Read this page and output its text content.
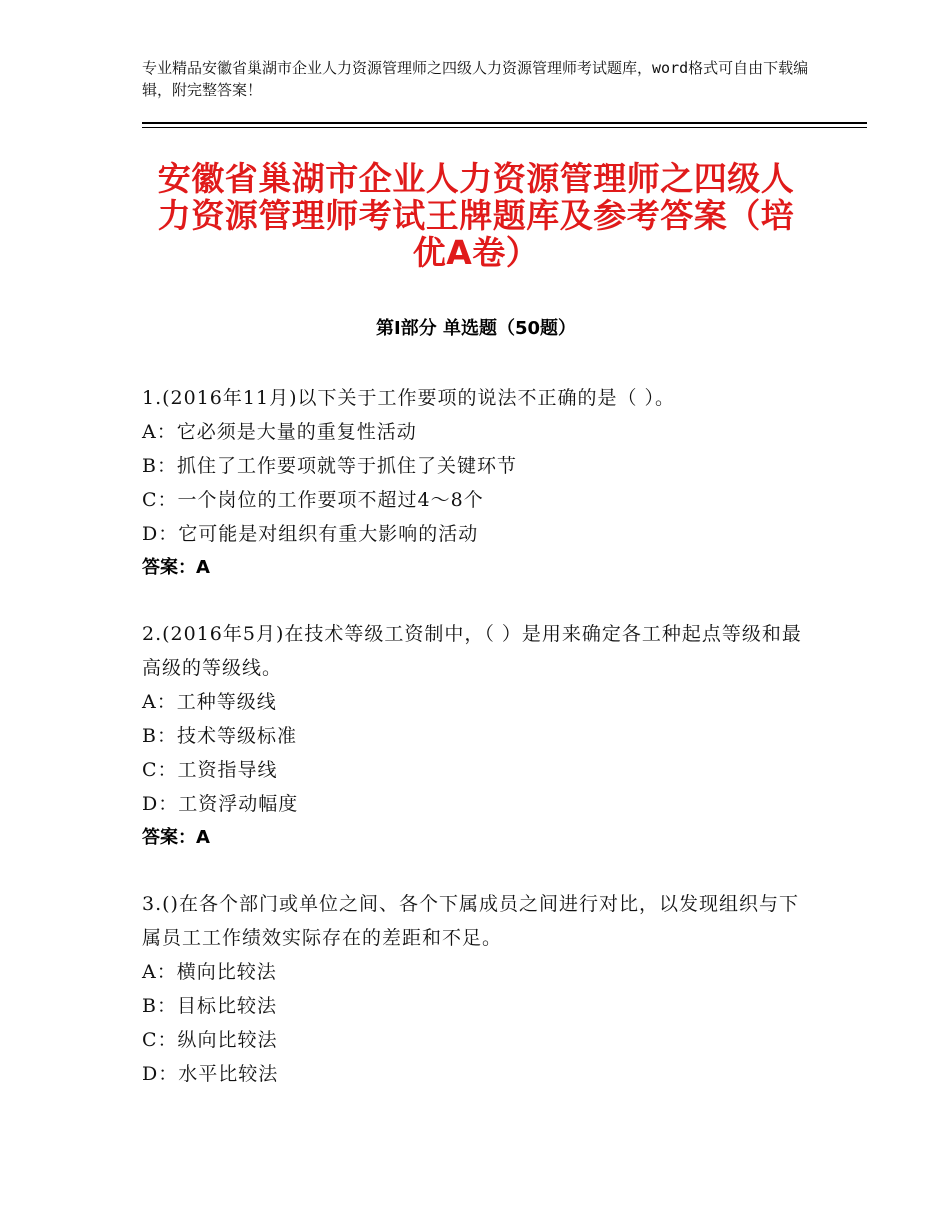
专业精品安徽省巢湖市企业人力资源管理师之四级人力资源管理师考试题库，word格式可自由下载编辑，附完整答案！
安徽省巢湖市企业人力资源管理师之四级人力资源管理师考试王牌题库及参考答案（培优A卷）
第Ⅰ部分 单选题（50题）
1.(2016年11月)以下关于工作要项的说法不正确的是（ ）。
A：它必须是大量的重复性活动
B：抓住了工作要项就等于抓住了关键环节
C：一个岗位的工作要项不超过4～8个
D：它可能是对组织有重大影响的活动
答案：A
2.(2016年5月)在技术等级工资制中，（ ）是用来确定各工种起点等级和最高级的等级线。
A：工种等级线
B：技术等级标准
C：工资指导线
D：工资浮动幅度
答案：A
3.()在各个部门或单位之间、各个下属成员之间进行对比，以发现组织与下属员工工作绩效实际存在的差距和不足。
A：横向比较法
B：目标比较法
C：纵向比较法
D：水平比较法
